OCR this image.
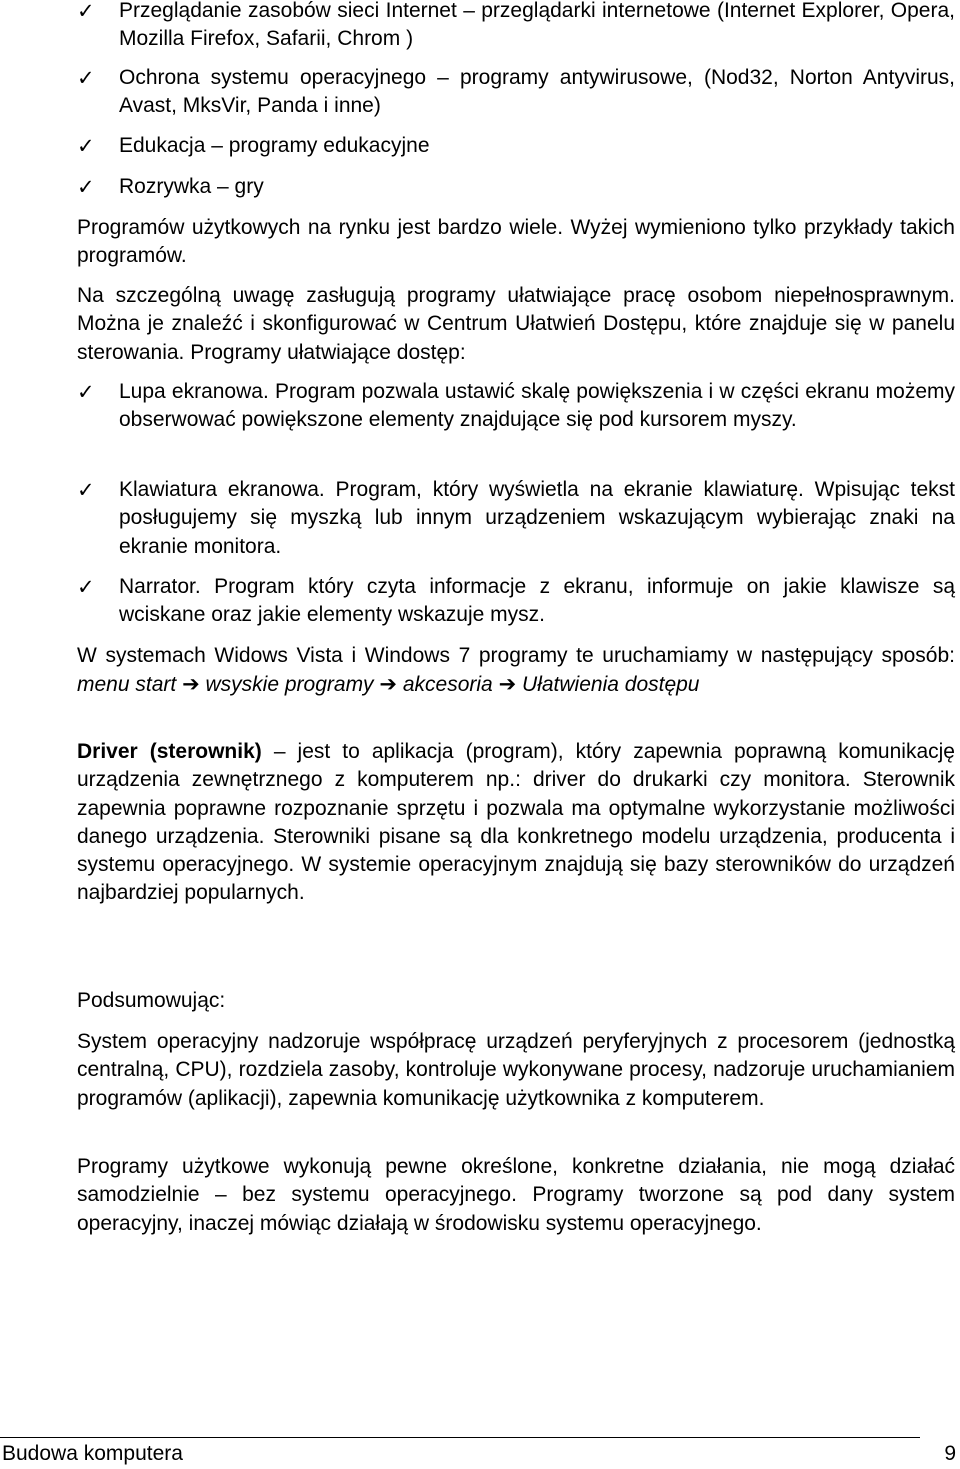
✓	Przeglądanie zasobów sieci Internet – przeglądarki internetowe (Internet Explorer, Opera, Mozilla Firefox, Safarii, Chrom )

✓	Ochrona systemu operacyjnego – programy antywirusowe, (Nod32, Norton Antyvirus, Avast, MksVir, Panda i inne)

✓	Edukacja – programy edukacyjne

✓	Rozrywka – gry

Programów użytkowych na rynku jest bardzo wiele. Wyżej wymieniono tylko przykłady takich programów.

Na szczególną uwagę zasługują programy ułatwiające pracę osobom niepełnosprawnym. Można je znaleźć i skonfigurować w Centrum Ułatwień Dostępu, które znajduje się w panelu sterowania. Programy ułatwiające dostęp:

✓	Lupa ekranowa. Program pozwala ustawić skalę powiększenia i w części ekranu możemy obserwować powiększone elementy znajdujące się pod kursorem myszy.

✓	Klawiatura ekranowa. Program, który wyświetla na ekranie klawiaturę. Wpisując tekst posługujemy się myszką lub innym urządzeniem wskazującym wybierając znaki na ekranie monitora.

✓	Narrator. Program który czyta informacje z ekranu, informuje on jakie klawisze są wciskane oraz jakie elementy wskazuje mysz.

W systemach Widows Vista i Windows 7 programy te uruchamiamy w następujący sposób: menu start ➔ wsyskie programy ➔ akcesoria ➔ Ułatwienia dostępu

Driver (sterownik) – jest to aplikacja (program), który zapewnia poprawną komunikację urządzenia zewnętrznego z komputerem np.: driver do drukarki czy monitora. Sterownik zapewnia poprawne rozpoznanie sprzętu i pozwala ma optymalne wykorzystanie możliwości danego urządzenia. Sterowniki pisane są dla konkretnego modelu urządzenia, producenta i systemu operacyjnego. W systemie operacyjnym znajdują się bazy sterowników do urządzeń najbardziej popularnych.

Podsumowując:

System operacyjny nadzoruje współpracę urządzeń peryferyjnych z procesorem (jednostką centralną, CPU), rozdziela zasoby, kontroluje wykonywane procesy, nadzoruje uruchamianiem programów (aplikacji), zapewnia komunikację użytkownika z komputerem.

Programy użytkowe wykonują pewne określone, konkretne działania, nie mogą działać samodzielnie – bez systemu operacyjnego. Programy tworzone są pod dany system operacyjny, inaczej mówiąc działają w środowisku systemu operacyjnego.

Budowa komputera	9
